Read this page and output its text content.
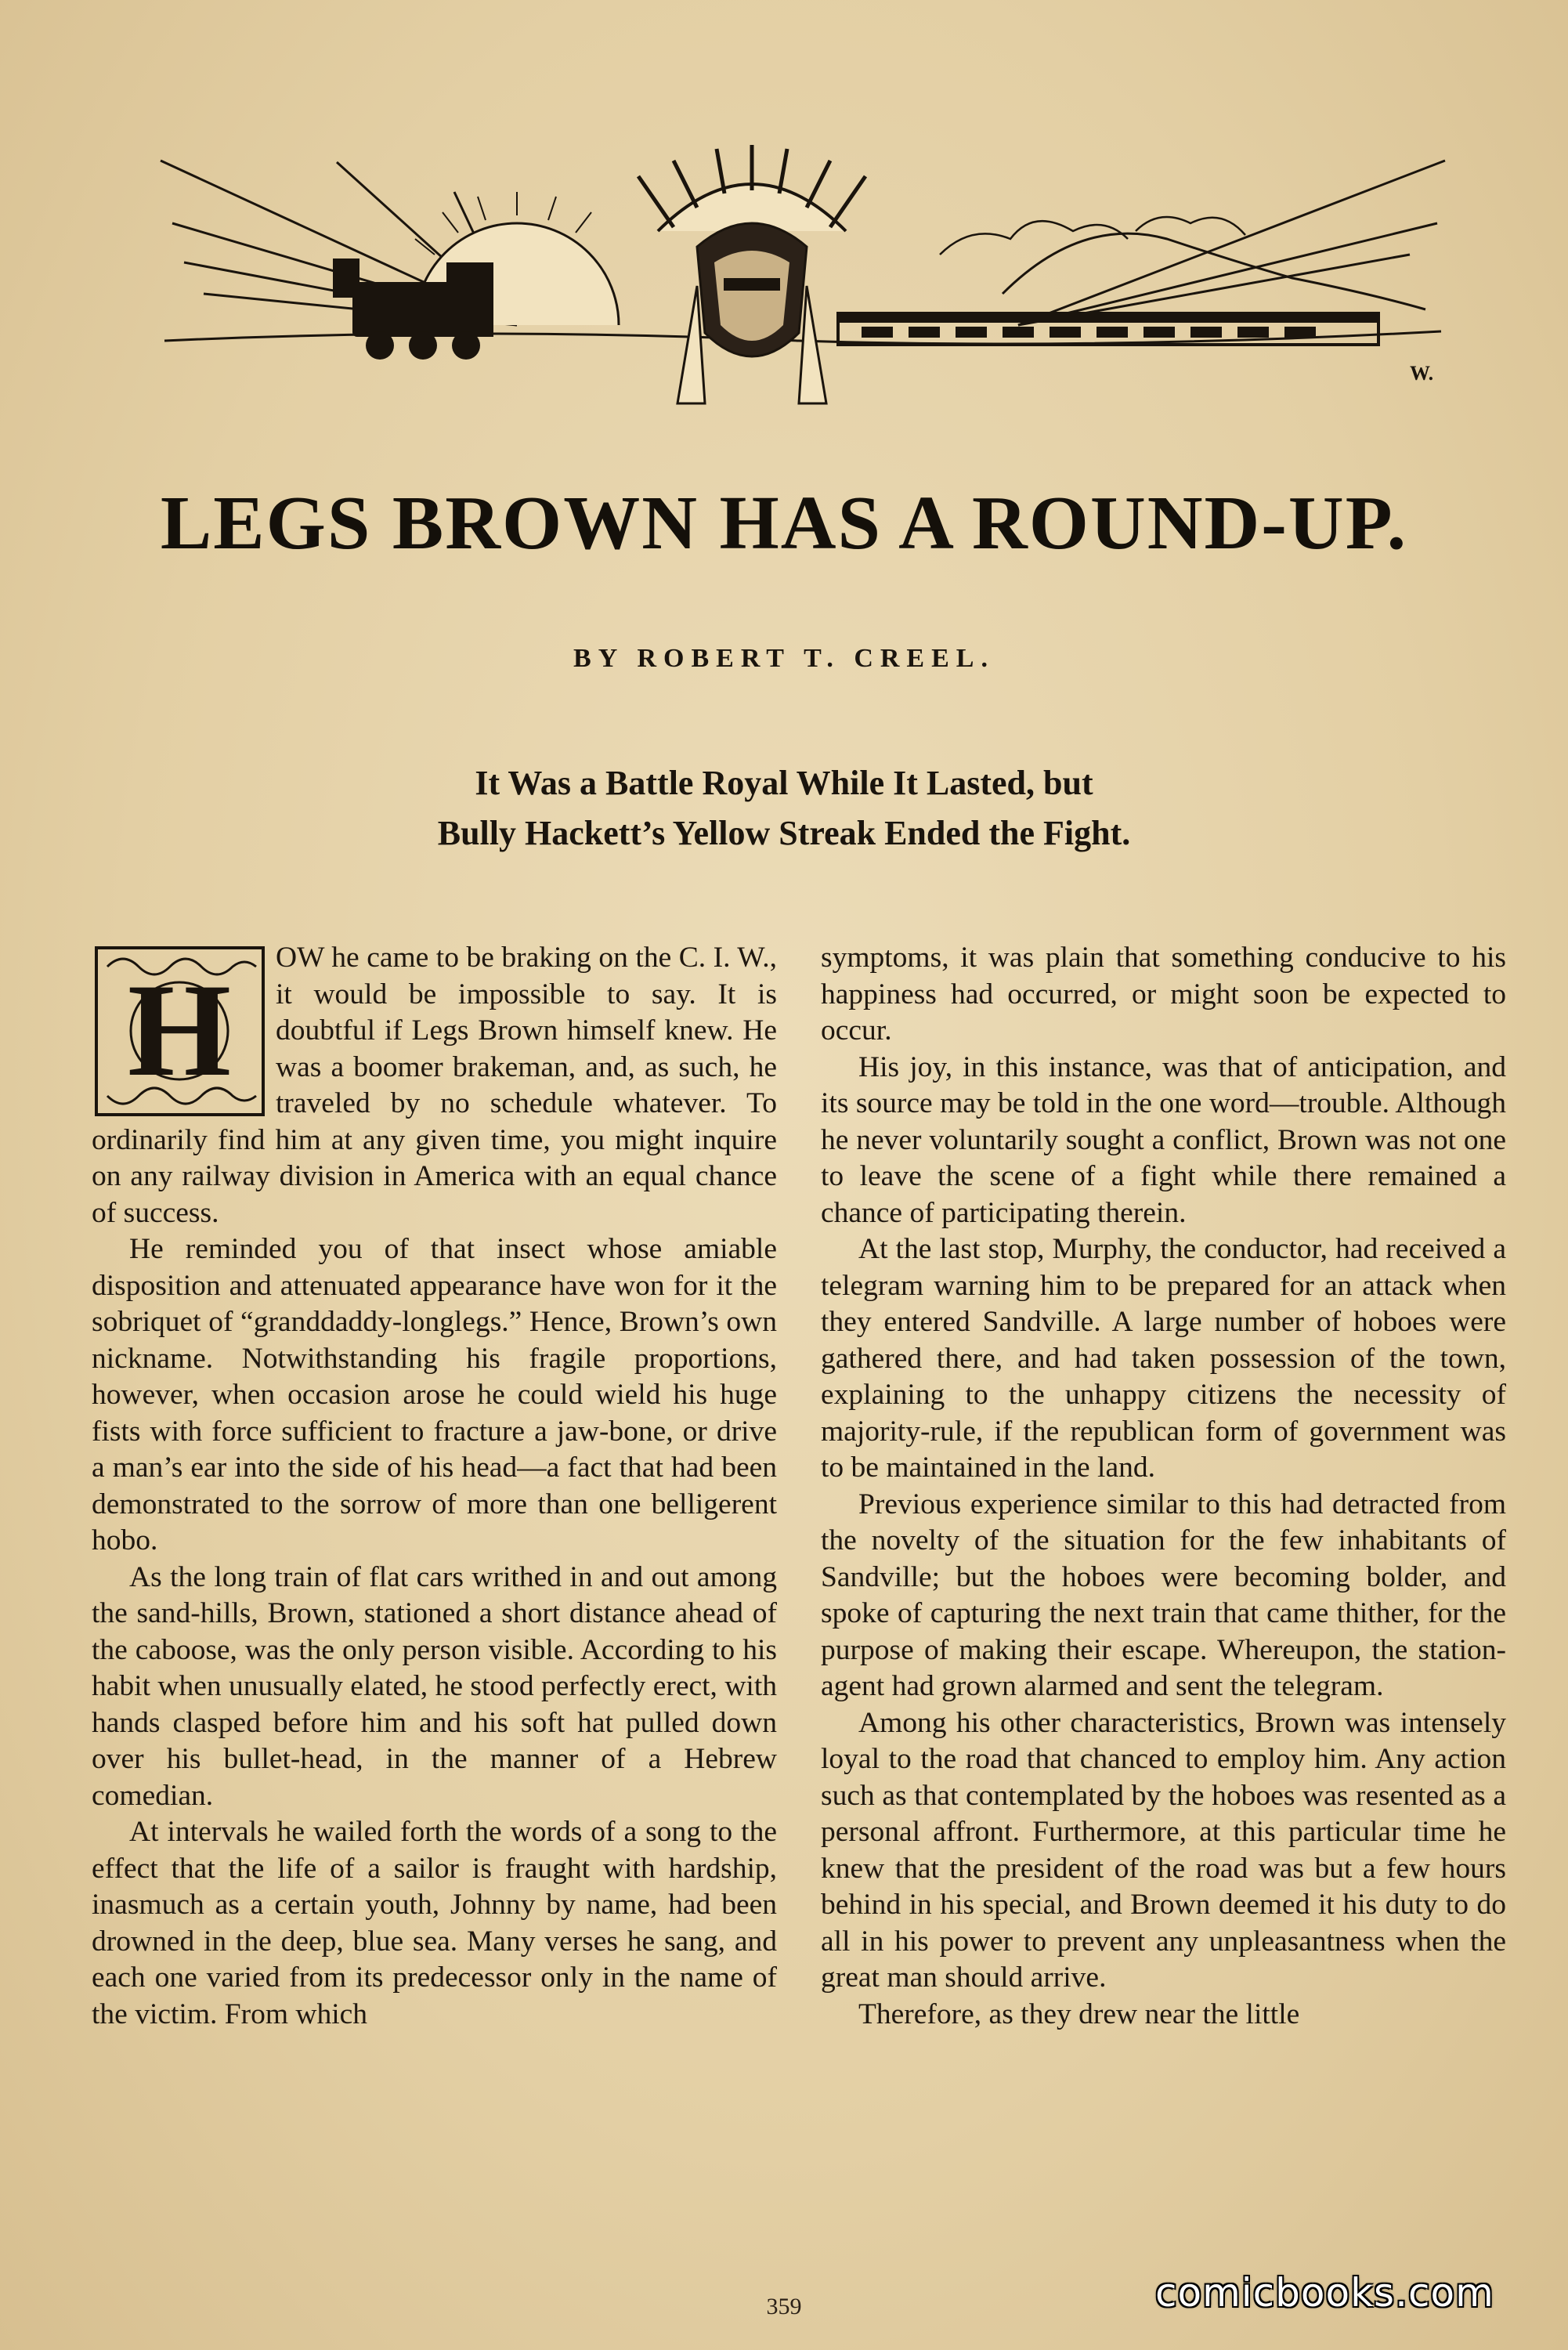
W.
LEGS BROWN HAS A ROUND-UP.
BY ROBERT T. CREEL.
It Was a Battle Royal While It Lasted, but
Bully Hackett’s Yellow Streak Ended the Fight.

H OW he came to be braking on the C. I. W., it would be impossible to say. It is doubtful if Legs Brown himself knew. He was a boomer brakeman, and, as such, he traveled by no schedule whatever. To ordinarily find him at any given time, you might inquire on any railway division in America with an equal chance of success.

He reminded you of that insect whose amiable disposition and attenuated appearance have won for it the sobriquet of “granddaddy-longlegs.” Hence, Brown’s own nickname. Notwithstanding his fragile proportions, however, when occasion arose he could wield his huge fists with force sufficient to fracture a jaw-bone, or drive a man’s ear into the side of his head—a fact that had been demonstrated to the sorrow of more than one belligerent hobo.

As the long train of flat cars writhed in and out among the sand-hills, Brown, stationed a short distance ahead of the caboose, was the only person visible. According to his habit when unusually elated, he stood perfectly erect, with hands clasped before him and his soft hat pulled down over his bullet-head, in the manner of a Hebrew comedian.

At intervals he wailed forth the words of a song to the effect that the life of a sailor is fraught with hardship, inasmuch as a certain youth, Johnny by name, had been drowned in the deep, blue sea. Many verses he sang, and each one varied from its predecessor only in the name of the victim. From which

symptoms, it was plain that something conducive to his happiness had occurred, or might soon be expected to occur.

His joy, in this instance, was that of anticipation, and its source may be told in the one word—trouble. Although he never voluntarily sought a conflict, Brown was not one to leave the scene of a fight while there remained a chance of participating therein.

At the last stop, Murphy, the conductor, had received a telegram warning him to be prepared for an attack when they entered Sandville. A large number of hoboes were gathered there, and had taken possession of the town, explaining to the unhappy citizens the necessity of majority-rule, if the republican form of government was to be maintained in the land.

Previous experience similar to this had detracted from the novelty of the situation for the few inhabitants of Sandville; but the hoboes were becoming bolder, and spoke of capturing the next train that came thither, for the purpose of making their escape. Whereupon, the station-agent had grown alarmed and sent the telegram.

Among his other characteristics, Brown was intensely loyal to the road that chanced to employ him. Any action such as that contemplated by the hoboes was resented as a personal affront. Furthermore, at this particular time he knew that the president of the road was but a few hours behind in his special, and Brown deemed it his duty to do all in his power to prevent any unpleasantness when the great man should arrive.

Therefore, as they drew near the little

359	comicbooks.com
